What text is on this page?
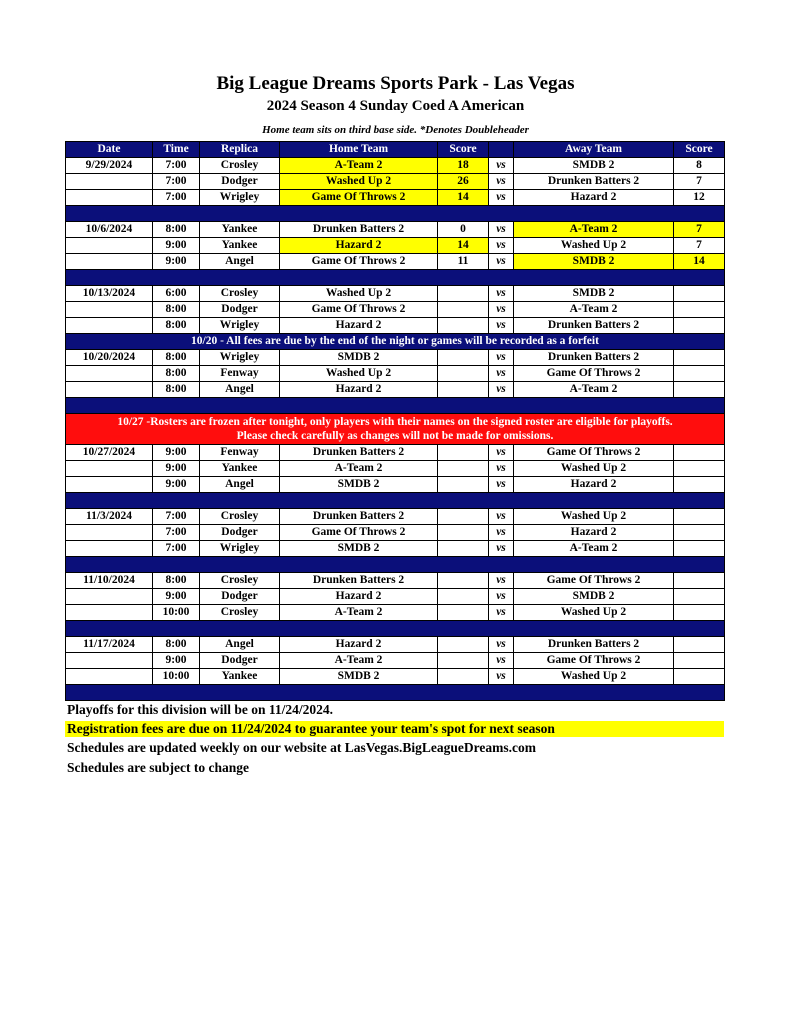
Big League Dreams Sports Park - Las Vegas
2024 Season 4 Sunday Coed A American
Home team sits on third base side. *Denotes Doubleheader
Date	Time	Replica	Home Team	Score		Away Team	Score
9/29/2024	7:00	Crosley	A-Team 2	18	vs	SMDB 2	8
	7:00	Dodger	Washed Up 2	26	vs	Drunken Batters 2	7
	7:00	Wrigley	Game Of Throws 2	14	vs	Hazard 2	12

10/6/2024	8:00	Yankee	Drunken Batters 2	0	vs	A-Team 2	7
	9:00	Yankee	Hazard 2	14	vs	Washed Up 2	7
	9:00	Angel	Game Of Throws 2	11	vs	SMDB 2	14

10/13/2024	6:00	Crosley	Washed Up 2		vs	SMDB 2	
	8:00	Dodger	Game Of Throws 2		vs	A-Team 2	
	8:00	Wrigley	Hazard 2		vs	Drunken Batters 2	
10/20 - All fees are due by the end of the night or games will be recorded as a forfeit							
10/20/2024	8:00	Wrigley	SMDB 2		vs	Drunken Batters 2	
	8:00	Fenway	Washed Up 2		vs	Game Of Throws 2	
	8:00	Angel	Hazard 2		vs	A-Team 2	

10/27 -Rosters are frozen after tonight, only players with their names on the signed roster are eligible for playoffs.
Please check carefully as changes will not be made for omissions.							

10/27/2024	9:00	Fenway	Drunken Batters 2		vs	Game Of Throws 2	
	9:00	Yankee	A-Team 2		vs	Washed Up 2	
	9:00	Angel	SMDB 2		vs	Hazard 2	

11/3/2024	7:00	Crosley	Drunken Batters 2		vs	Washed Up 2	
	7:00	Dodger	Game Of Throws 2		vs	Hazard 2	
	7:00	Wrigley	SMDB 2		vs	A-Team 2	

11/10/2024	8:00	Crosley	Drunken Batters 2		vs	Game Of Throws 2	
	9:00	Dodger	Hazard 2		vs	SMDB 2	
	10:00	Crosley	A-Team 2		vs	Washed Up 2	

11/17/2024	8:00	Angel	Hazard 2		vs	Drunken Batters 2	
	9:00	Dodger	A-Team 2		vs	Game Of Throws 2	
	10:00	Yankee	SMDB 2		vs	Washed Up 2	

Playoffs for this division will be on 11/24/2024.
Registration fees are due on 11/24/2024 to guarantee your team's spot for next season
Schedules are updated weekly on our website at LasVegas.BigLeagueDreams.com
Schedules are subject to change
